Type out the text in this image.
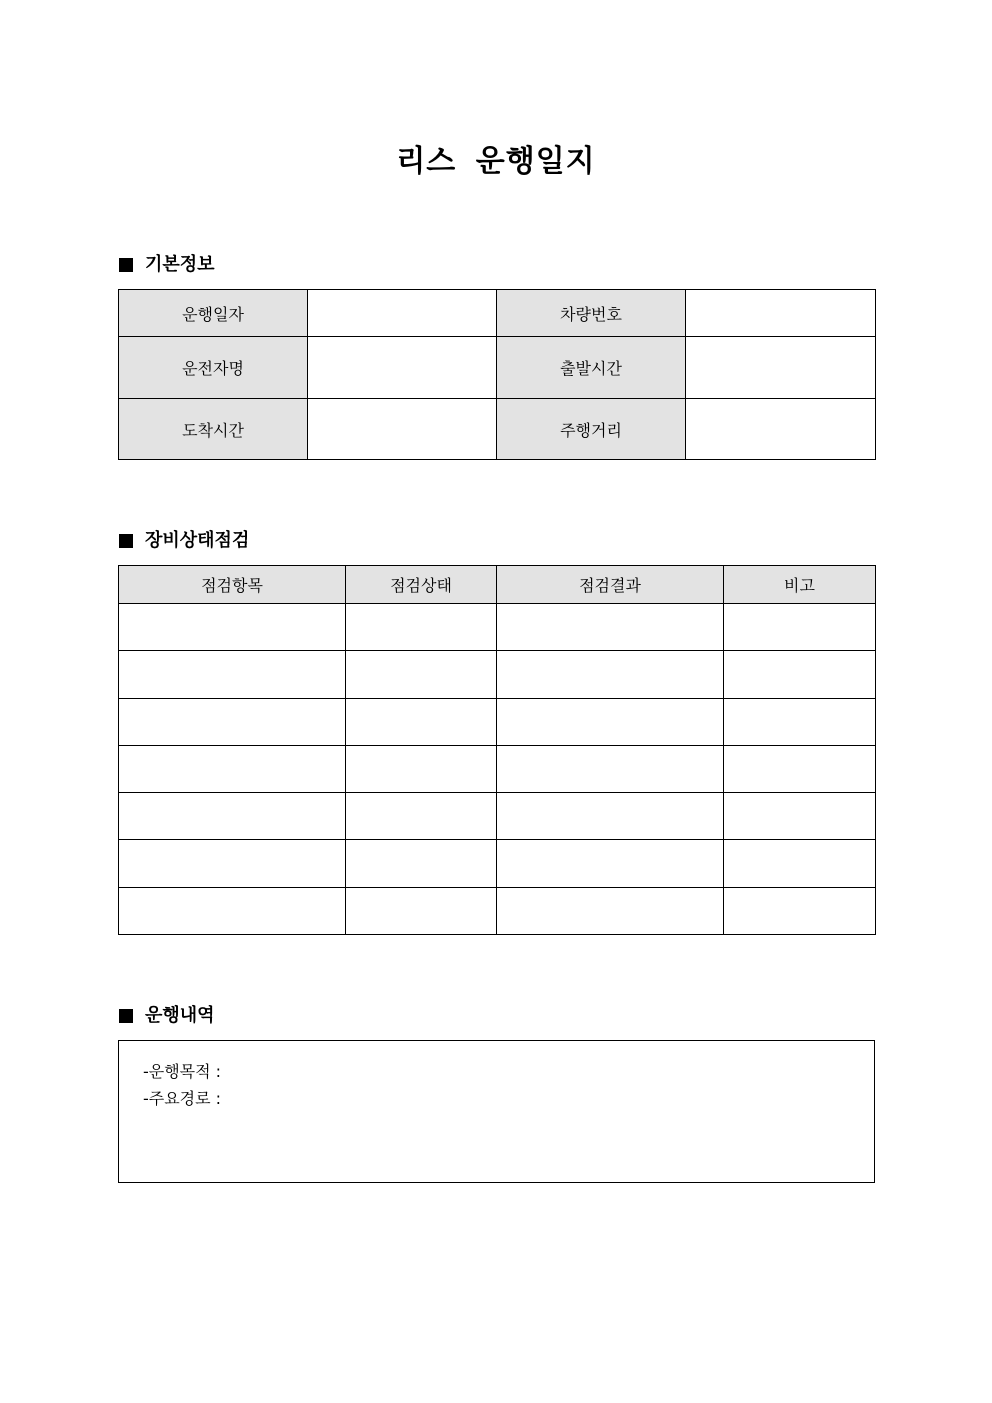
리스 운행일지
기본정보
운행일자		차량번호	
운전자명		출발시간	
도착시간		주행거리	
장비상태점검
점검항목	점검상태	점검결과	비고

운행내역
-운행목적 :
-주요경로 :
